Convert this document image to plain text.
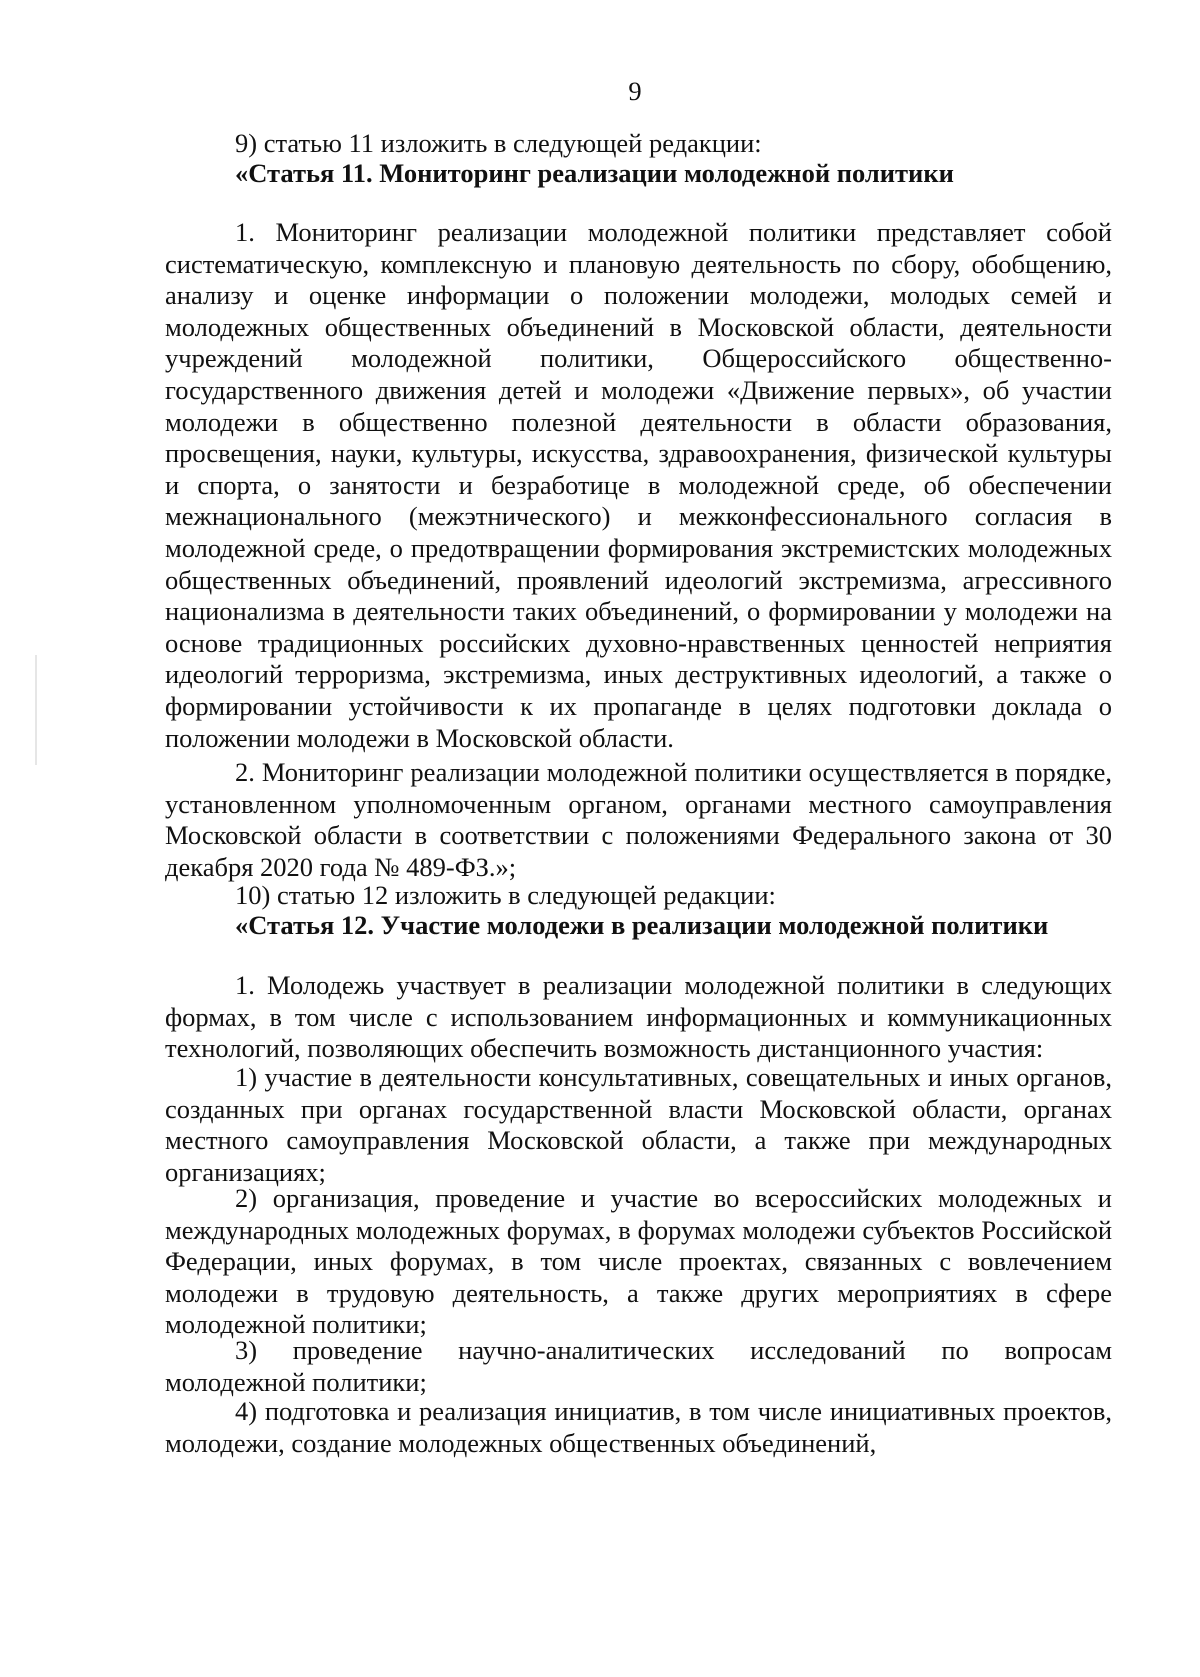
9

9) статью 11 изложить в следующей редакции:

«Статья 11. Мониторинг реализации молодежной политики

1. Мониторинг реализации молодежной политики представляет собой систематическую, комплексную и плановую деятельность по сбору, обобщению, анализу и оценке информации о положении молодежи, молодых семей и молодежных общественных объединений в Московской области, деятельности учреждений молодежной политики, Общероссийского общественно-государственного движения детей и молодежи «Движение первых», об участии молодежи в общественно полезной деятельности в области образования, просвещения, науки, культуры, искусства, здравоохранения, физической культуры и спорта, о занятости и безработице в молодежной среде, об обеспечении межнационального (межэтнического) и межконфессионального согласия в молодежной среде, о предотвращении формирования экстремистских молодежных общественных объединений, проявлений идеологий экстремизма, агрессивного национализма в деятельности таких объединений, о формировании у молодежи на основе традиционных российских духовно-нравственных ценностей неприятия идеологий терроризма, экстремизма, иных деструктивных идеологий, а также о формировании устойчивости к их пропаганде в целях подготовки доклада о положении молодежи в Московской области.

2. Мониторинг реализации молодежной политики осуществляется в порядке, установленном уполномоченным органом, органами местного самоуправления Московской области в соответствии с положениями Федерального закона от 30 декабря 2020 года № 489-ФЗ.»;

10) статью 12 изложить в следующей редакции:

«Статья 12. Участие молодежи в реализации молодежной политики

1. Молодежь участвует в реализации молодежной политики в следующих формах, в том числе с использованием информационных и коммуникационных технологий, позволяющих обеспечить возможность дистанционного участия:

1) участие в деятельности консультативных, совещательных и иных органов, созданных при органах государственной власти Московской области, органах местного самоуправления Московской области, а также при международных организациях;

2) организация, проведение и участие во всероссийских молодежных и международных молодежных форумах, в форумах молодежи субъектов Российской Федерации, иных форумах, в том числе проектах, связанных с вовлечением молодежи в трудовую деятельность, а также других мероприятиях в сфере молодежной политики;

3) проведение научно-аналитических исследований по вопросам молодежной политики;

4) подготовка и реализация инициатив, в том числе инициативных проектов, молодежи, создание молодежных общественных объединений,
